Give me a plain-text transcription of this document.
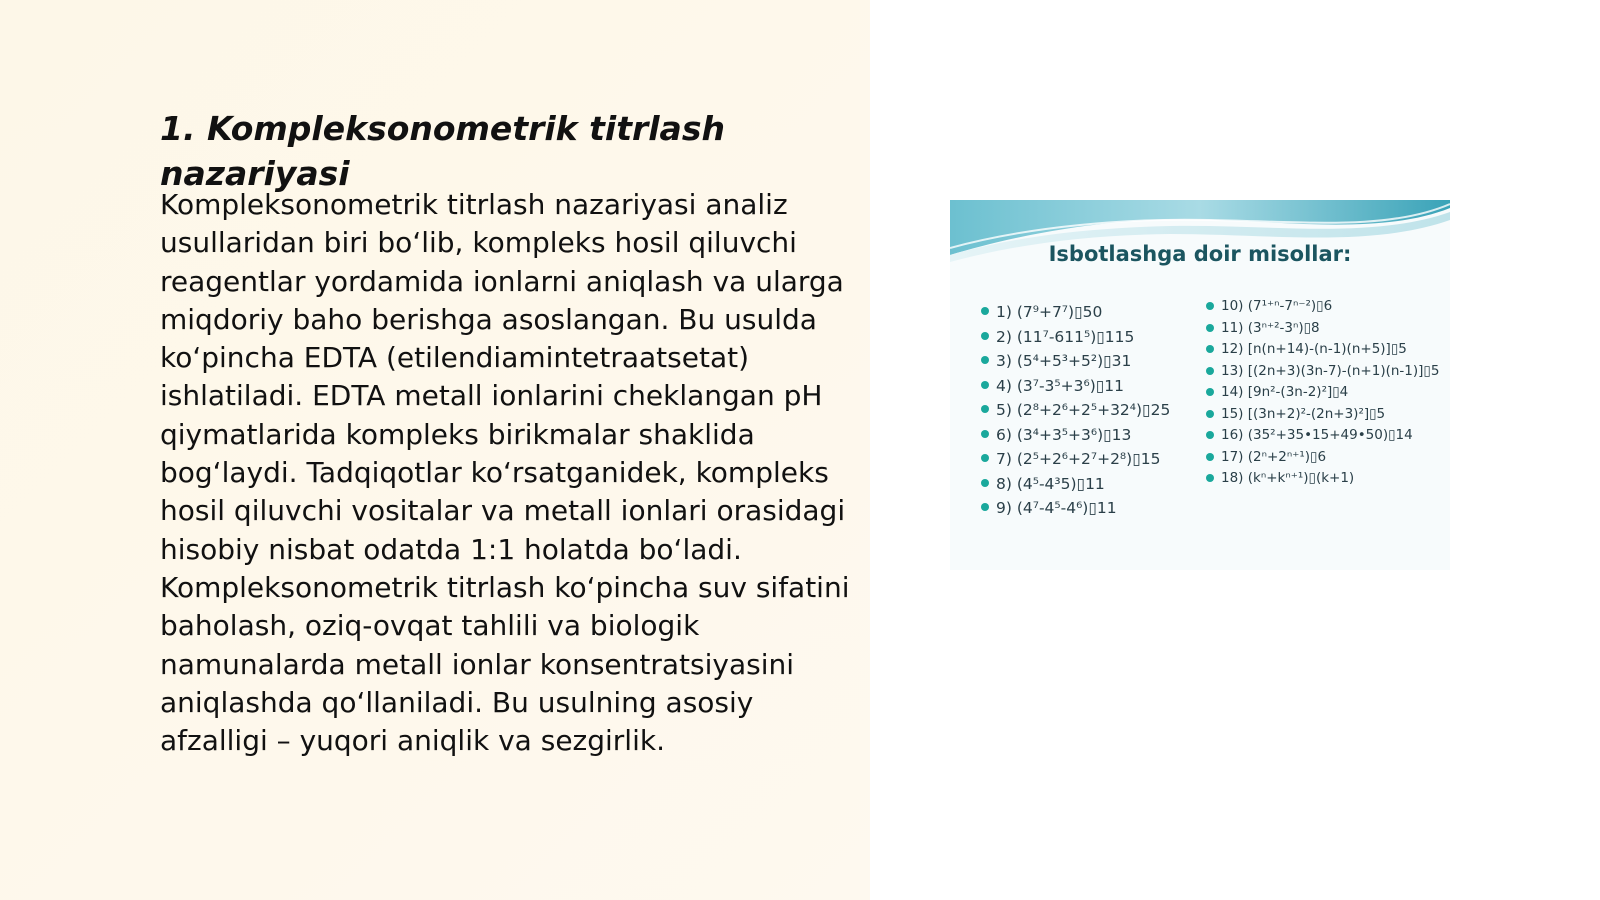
1. Kompleksonometrik titrlash nazariyasi

Kompleksonometrik titrlash nazariyasi analiz usullaridan biri bo‘lib, kompleks hosil qiluvchi reagentlar yordamida ionlarni aniqlash va ularga miqdoriy baho berishga asoslangan. Bu usulda ko‘pincha EDTA (etilendiamintetraatsetat) ishlatiladi. EDTA metall ionlarini cheklangan pH qiymatlarida kompleks birikmalar shaklida bog‘laydi. Tadqiqotlar ko‘rsatganidek, kompleks hosil qiluvchi vositalar va metall ionlari orasidagi hisobiy nisbat odatda 1:1 holatda bo‘ladi. Kompleksonometrik titrlash ko‘pincha suv sifatini baholash, oziq-ovqat tahlili va biologik namunalarda metall ionlar konsentratsiyasini aniqlashda qo‘llaniladi. Bu usulning asosiy afzalligi – yuqori aniqlik va sezgirlik.

Isbotlashga doir misollar:
1) (7⁹+7⁷)▯50
2) (11⁷-611⁵)▯115
3) (5⁴+5³+5²)▯31
4) (3⁷-3⁵+3⁶)▯11
5) (2⁸+2⁶+2⁵+32⁴)▯25
6) (3⁴+3⁵+3⁶)▯13
7) (2⁵+2⁶+2⁷+2⁸)▯15
8) (4⁵-4³5)▯11
9) (4⁷-4⁵-4⁶)▯11
10) (7¹⁺ⁿ-7ⁿ⁻²)▯6
11) (3ⁿ⁺²-3ⁿ)▯8
12) [n(n+14)-(n-1)(n+5)]▯5
13) [(2n+3)(3n-7)-(n+1)(n-1)]▯5
14) [9n²-(3n-2)²]▯4
15) [(3n+2)²-(2n+3)²]▯5
16) (35²+35•15+49•50)▯14
17) (2ⁿ+2ⁿ⁺¹)▯6
18) (kⁿ+kⁿ⁺¹)▯(k+1)
